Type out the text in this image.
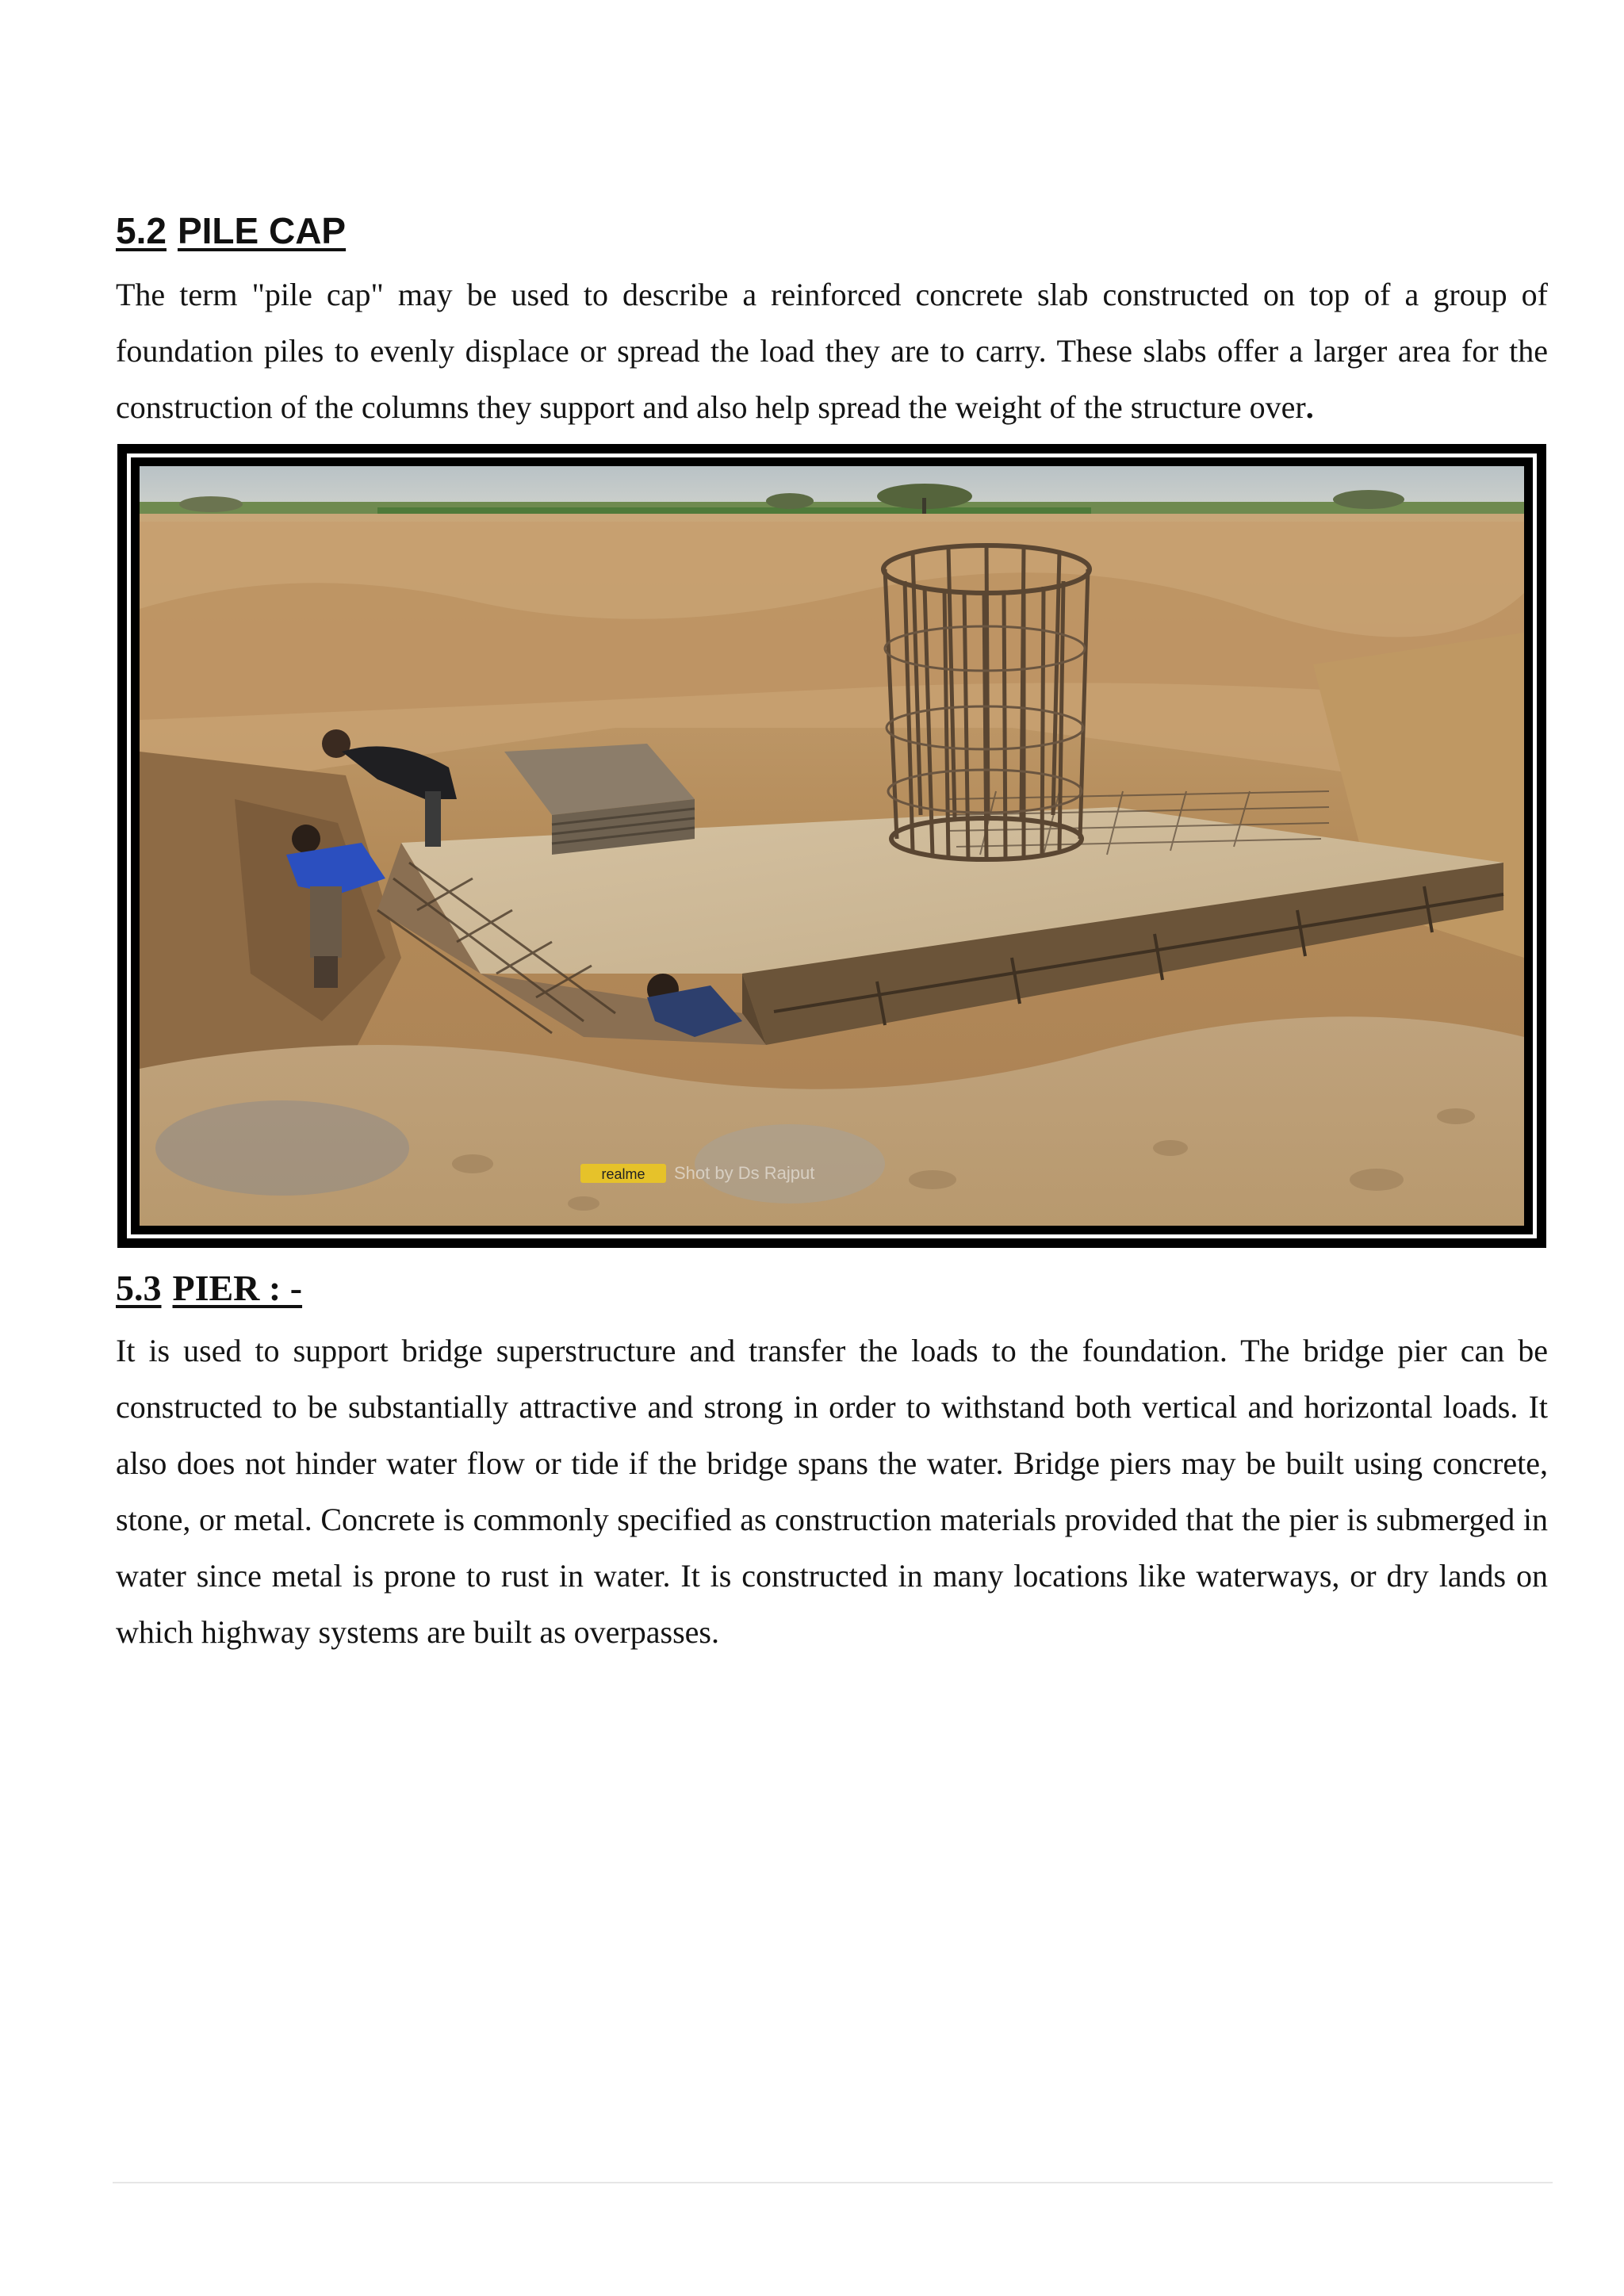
5.2 PILE CAP

The term "pile cap" may be used to describe a reinforced concrete slab constructed on top of a group of foundation piles to evenly displace or spread the load they are to carry. These slabs offer a larger area for the construction of the columns they support and also help spread the weight of the structure over.

realme Shot by Ds Rajput
5.3 PIER : -

It is used to support bridge superstructure and transfer the loads to the foundation. The bridge pier can be constructed to be substantially attractive and strong in order to withstand both vertical and horizontal loads. It also does not hinder water flow or tide if the bridge spans the water. Bridge piers may be built using concrete, stone, or metal. Concrete is commonly specified as construction materials provided that the pier is submerged in water since metal is prone to rust in water. It is constructed in many locations like waterways, or dry lands on which highway systems are built as overpasses.
